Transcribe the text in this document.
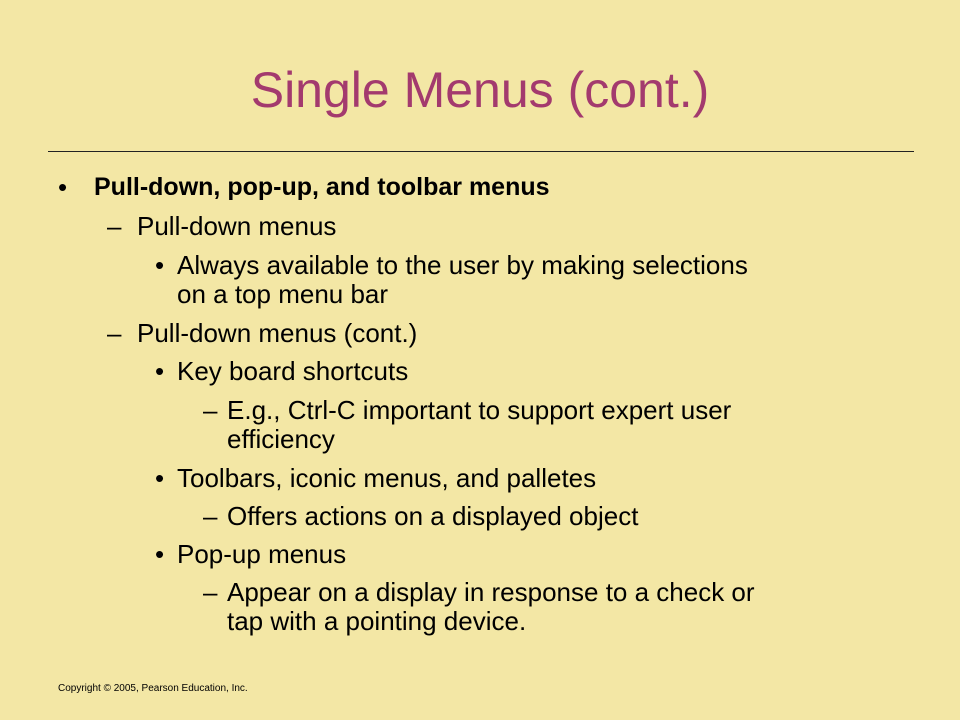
Single Menus (cont.)
• Pull-down, pop-up, and toolbar menus
– Pull-down menus
• Always available to the user by making selections
on a top menu bar
– Pull-down menus (cont.)
• Key board shortcuts
– E.g., Ctrl-C important to support expert user
efficiency
• Toolbars, iconic menus, and palletes
– Offers actions on a displayed object
• Pop-up menus
– Appear on a display in response to a check or
tap with a pointing device.
Copyright © 2005, Pearson Education, Inc.
